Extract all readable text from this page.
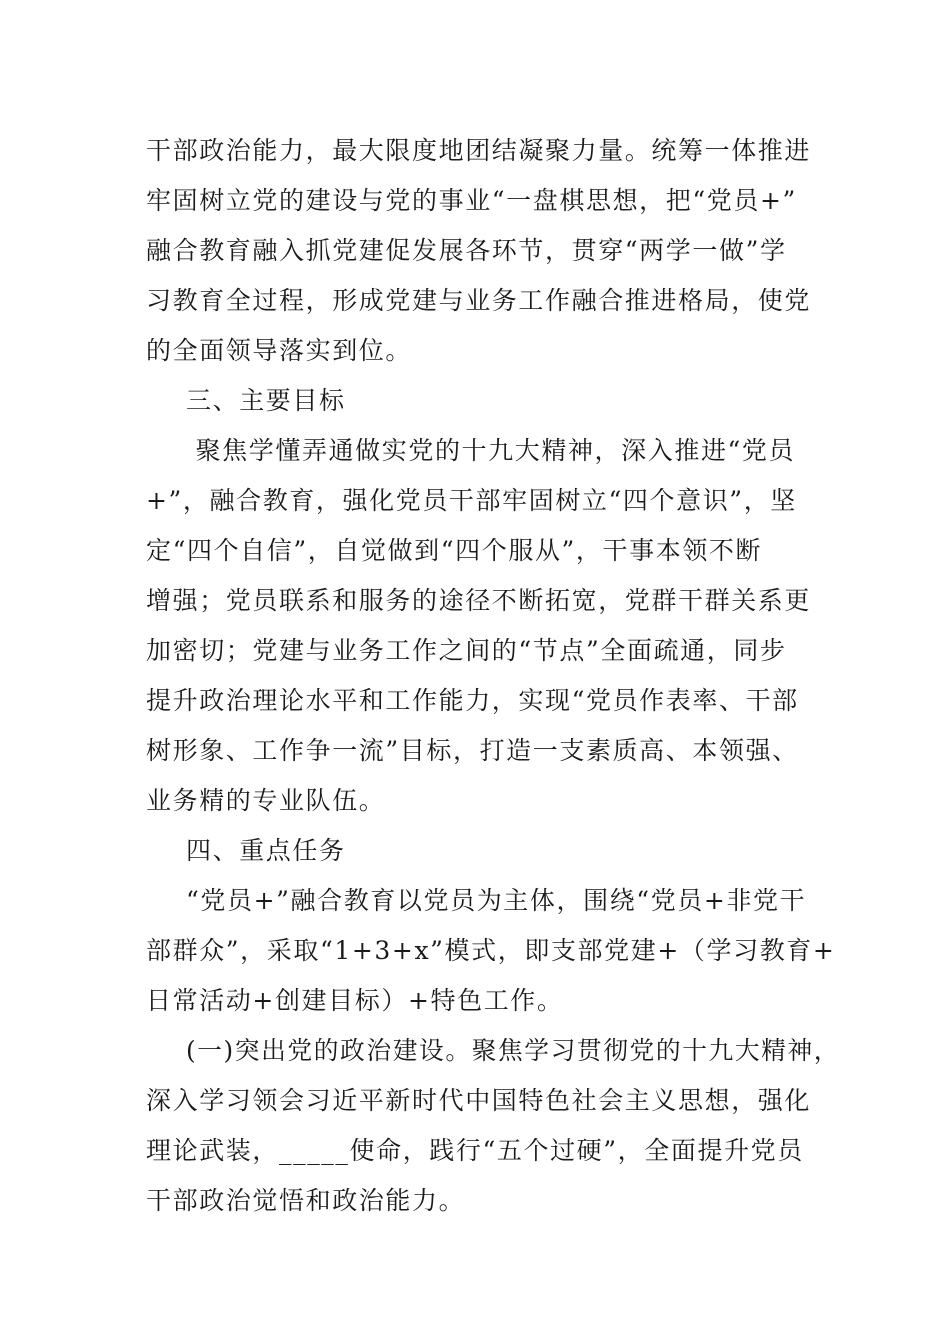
干部政治能力，最大限度地团结凝聚力量。统筹一体推进
牢固树立党的建设与党的事业“一盘棋思想，把“党员+”
融合教育融入抓党建促发展各环节，贯穿“两学一做”学
习教育全过程，形成党建与业务工作融合推进格局，使党
的全面领导落实到位。
三、主要目标
聚焦学懂弄通做实党的十九大精神，深入推进“党员
+”，融合教育，强化党员干部牢固树立“四个意识”，坚
定“四个自信”，自觉做到“四个服从”，干事本领不断
增强；党员联系和服务的途径不断拓宽，党群干群关系更
加密切；党建与业务工作之间的“节点”全面疏通，同步
提升政治理论水平和工作能力，实现“党员作表率、干部
树形象、工作争一流”目标，打造一支素质高、本领强、
业务精的专业队伍。
四、重点任务
“党员+”融合教育以党员为主体，围绕“党员+非党干
部群众”，采取“1+3+x”模式，即支部党建+（学习教育+
日常活动+创建目标）+特色工作。
(一)突出党的政治建设。聚焦学习贯彻党的十九大精神，
深入学习领会习近平新时代中国特色社会主义思想，强化
理论武装，_____使命，践行“五个过硬”，全面提升党员
干部政治觉悟和政治能力。
